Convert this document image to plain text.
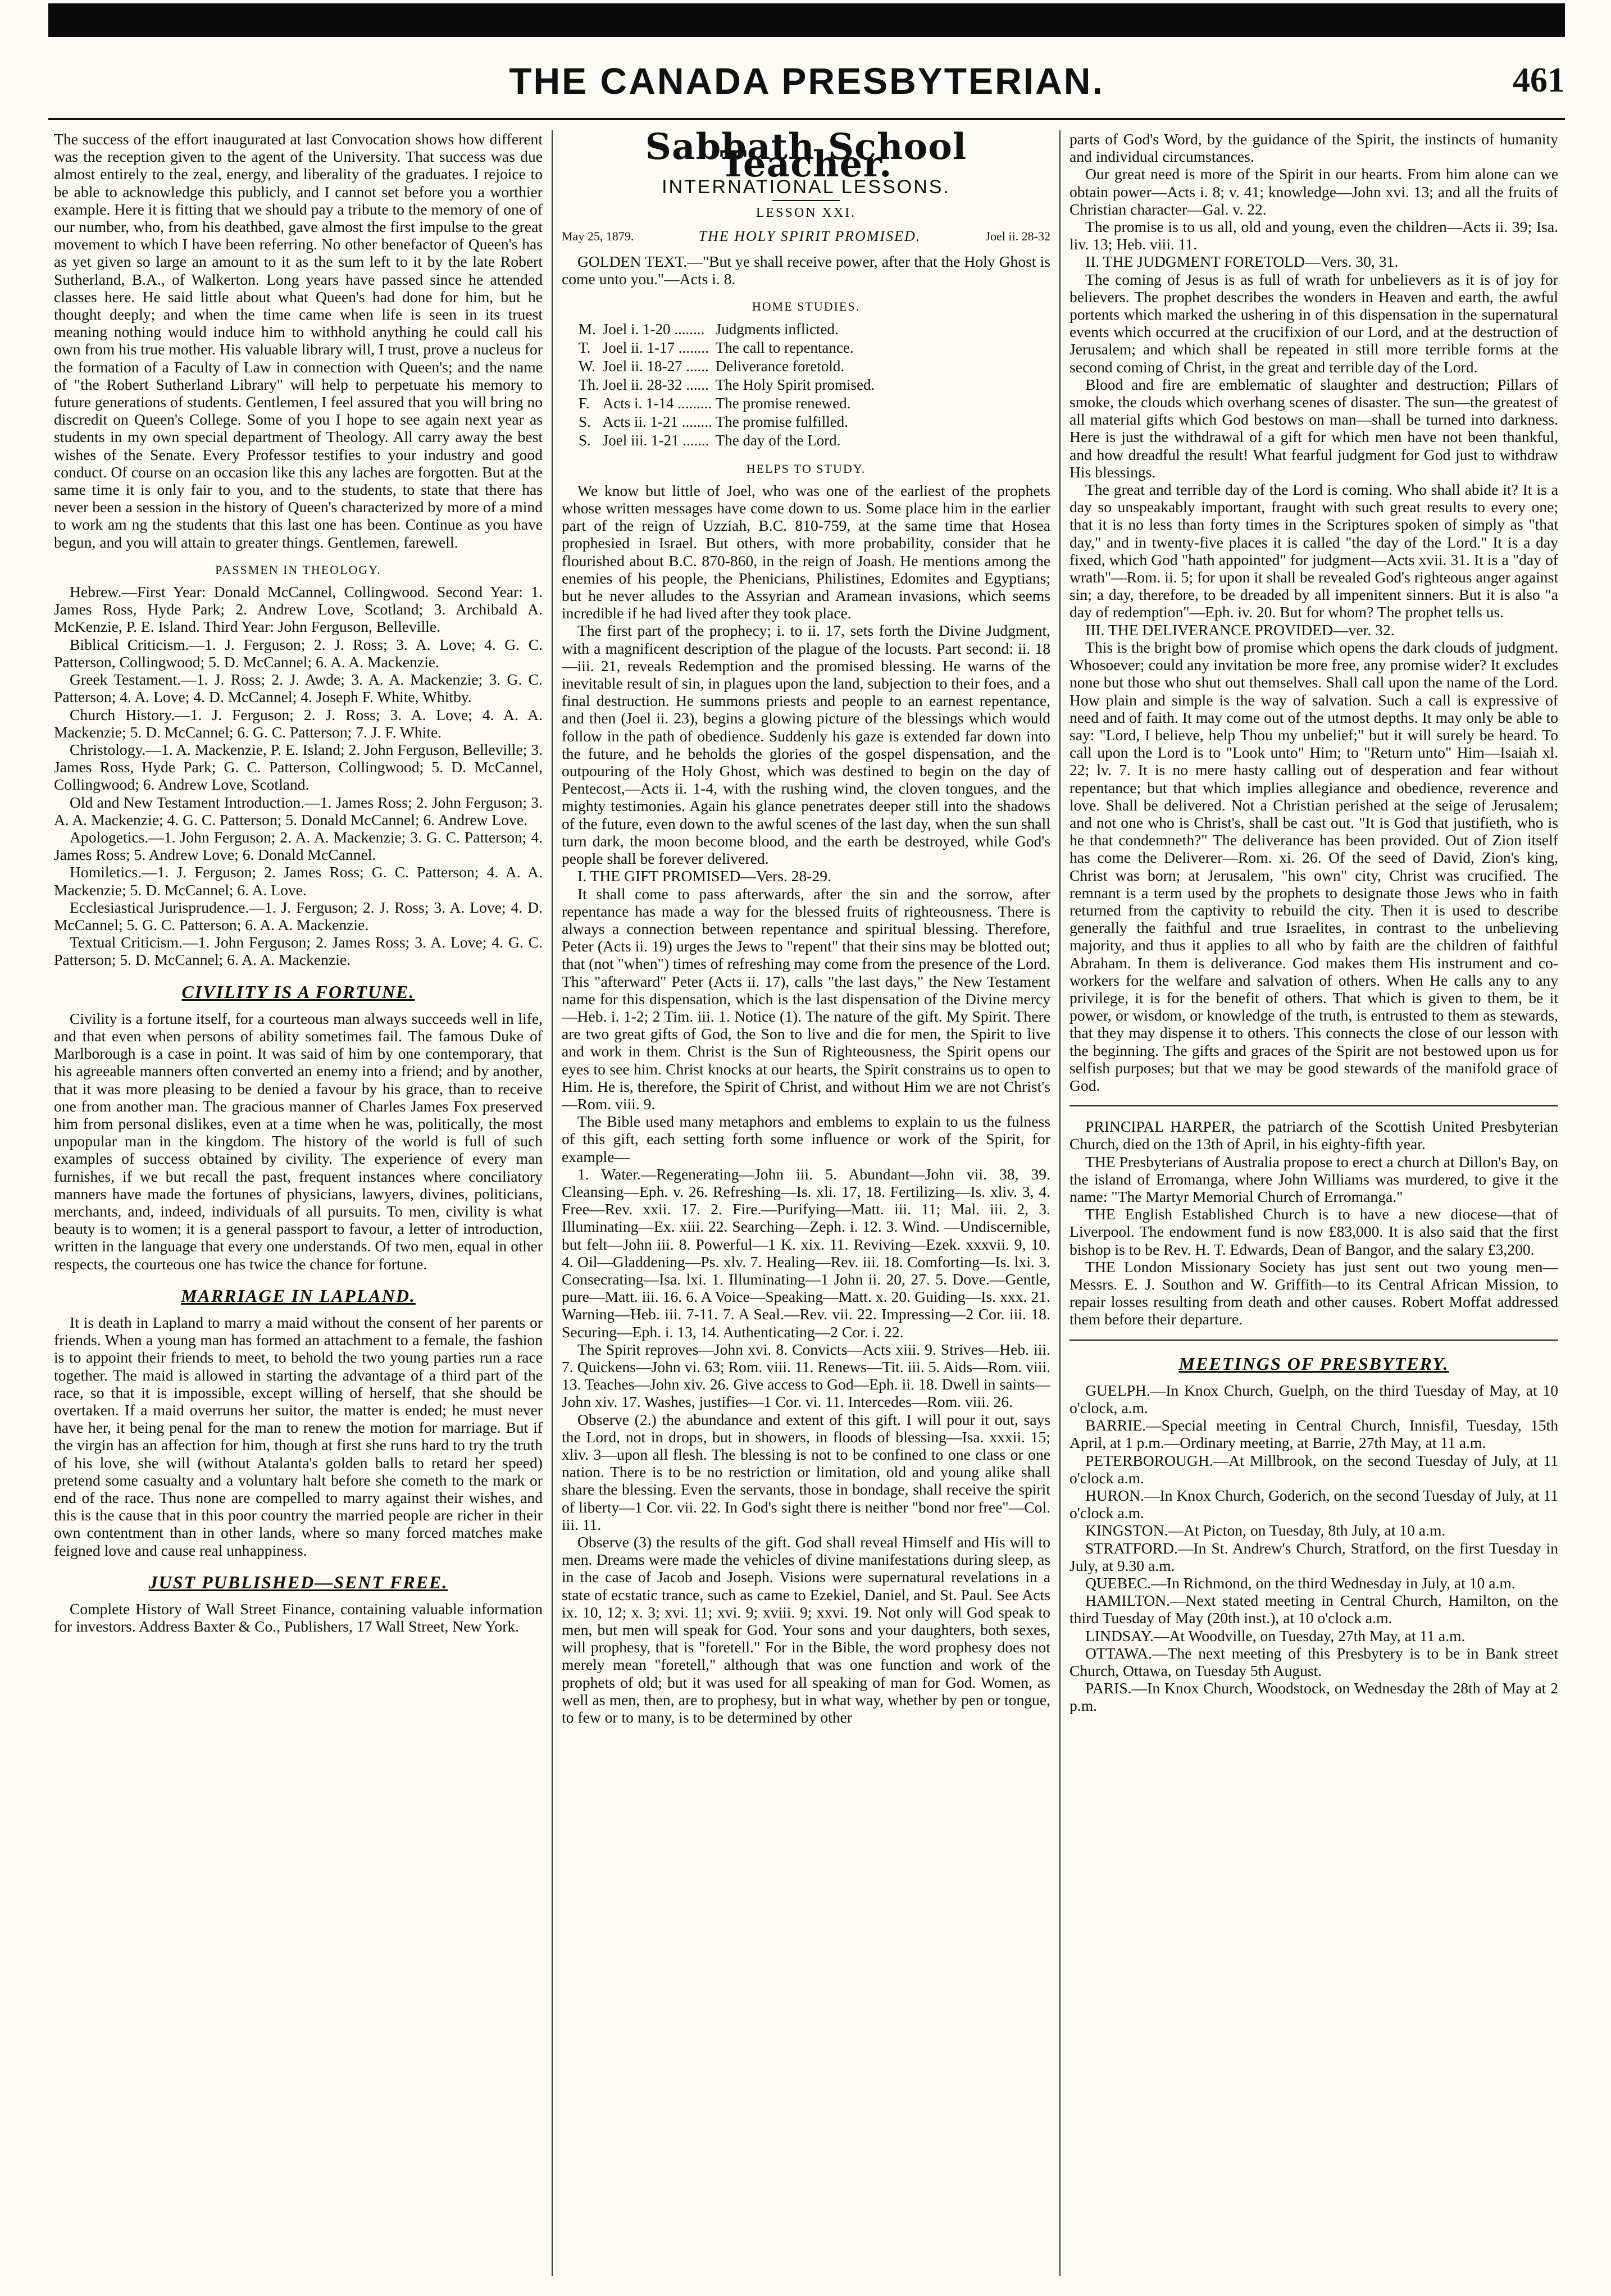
THE CANADA PRESBYTERIAN.	461

The success of the effort inaugurated at last Convocation shows how different was the reception given to the agent of the University. That success was due almost entirely to the zeal, energy, and liberality of the graduates. I rejoice to be able to acknowledge this publicly, and I cannot set before you a worthier example. Here it is fitting that we should pay a tribute to the memory of one of our number, who, from his deathbed, gave almost the first impulse to the great movement to which I have been referring. No other benefactor of Queen's has as yet given so large an amount to it as the sum left to it by the late Robert Sutherland, B.A., of Walkerton. Long years have passed since he attended classes here. He said little about what Queen's had done for him, but he thought deeply; and when the time came when life is seen in its truest meaning nothing would induce him to withhold anything he could call his own from his true mother. His valuable library will, I trust, prove a nucleus for the formation of a Faculty of Law in connection with Queen's; and the name of "the Robert Sutherland Library" will help to perpetuate his memory to future generations of students. Gentlemen, I feel assured that you will bring no discredit on Queen's College. Some of you I hope to see again next year as students in my own special department of Theology. All carry away the best wishes of the Senate. Every Professor testifies to your industry and good conduct. Of course on an occasion like this any laches are forgotten. But at the same time it is only fair to you, and to the students, to state that there has never been a session in the history of Queen's characterized by more of a mind to work am ng the students that this last one has been. Continue as you have begun, and you will attain to greater things. Gentlemen, farewell.

PASSMEN IN THEOLOGY.

Hebrew.—First Year: Donald McCannel, Collingwood. Second Year: 1. James Ross, Hyde Park; 2. Andrew Love, Scotland; 3. Archibald A. McKenzie, P. E. Island. Third Year: John Ferguson, Belleville.

Biblical Criticism.—1. J. Ferguson; 2. J. Ross; 3. A. Love; 4. G. C. Patterson, Collingwood; 5. D. McCannel; 6. A. A. Mackenzie.

Greek Testament.—1. J. Ross; 2. J. Awde; 3. A. A. Mackenzie; 3. G. C. Patterson; 4. A. Love; 4. D. McCannel; 4. Joseph F. White, Whitby.

Church History.—1. J. Ferguson; 2. J. Ross; 3. A. Love; 4. A. A. Mackenzie; 5. D. McCannel; 6. G. C. Patterson; 7. J. F. White.

Christology.—1. A. Mackenzie, P. E. Island; 2. John Ferguson, Belleville; 3. James Ross, Hyde Park; G. C. Patterson, Collingwood; 5. D. McCannel, Collingwood; 6. Andrew Love, Scotland.

Old and New Testament Introduction.—1. James Ross; 2. John Ferguson; 3. A. A. Mackenzie; 4. G. C. Patterson; 5. Donald McCannel; 6. Andrew Love.

Apologetics.—1. John Ferguson; 2. A. A. Mackenzie; 3. G. C. Patterson; 4. James Ross; 5. Andrew Love; 6. Donald McCannel.

Homiletics.—1. J. Ferguson; 2. James Ross; G. C. Patterson; 4. A. A. Mackenzie; 5. D. McCannel; 6. A. Love.

Ecclesiastical Jurisprudence.—1. J. Ferguson; 2. J. Ross; 3. A. Love; 4. D. McCannel; 5. G. C. Patterson; 6. A. A. Mackenzie.

Textual Criticism.—1. John Ferguson; 2. James Ross; 3. A. Love; 4. G. C. Patterson; 5. D. McCannel; 6. A. A. Mackenzie.

CIVILITY IS A FORTUNE.

Civility is a fortune itself, for a courteous man always succeeds well in life, and that even when persons of ability sometimes fail. The famous Duke of Marlborough is a case in point. It was said of him by one contemporary, that his agreeable manners often converted an enemy into a friend; and by another, that it was more pleasing to be denied a favour by his grace, than to receive one from another man. The gracious manner of Charles James Fox preserved him from personal dislikes, even at a time when he was, politically, the most unpopular man in the kingdom. The history of the world is full of such examples of success obtained by civility. The experience of every man furnishes, if we but recall the past, frequent instances where conciliatory manners have made the fortunes of physicians, lawyers, divines, politicians, merchants, and, indeed, individuals of all pursuits. To men, civility is what beauty is to women; it is a general passport to favour, a letter of introduction, written in the language that every one understands. Of two men, equal in other respects, the courteous one has twice the chance for fortune.

MARRIAGE IN LAPLAND.

It is death in Lapland to marry a maid without the consent of her parents or friends. When a young man has formed an attachment to a female, the fashion is to appoint their friends to meet, to behold the two young parties run a race together. The maid is allowed in starting the advantage of a third part of the race, so that it is impossible, except willing of herself, that she should be overtaken. If a maid overruns her suitor, the matter is ended; he must never have her, it being penal for the man to renew the motion for marriage. But if the virgin has an affection for him, though at first she runs hard to try the truth of his love, she will (without Atalanta's golden balls to retard her speed) pretend some casualty and a voluntary halt before she cometh to the mark or end of the race. Thus none are compelled to marry against their wishes, and this is the cause that in this poor country the married people are richer in their own contentment than in other lands, where so many forced matches make feigned love and cause real unhappiness.

JUST PUBLISHED—SENT FREE.

Complete History of Wall Street Finance, containing valuable information for investors. Address Baxter & Co., Publishers, 17 Wall Street, New York.

Sabbath School Teacher.
INTERNATIONAL LESSONS.
LESSON XXI.
May 25, 1879.	THE HOLY SPIRIT PROMISED.	Joel ii. 28-32

GOLDEN TEXT.—"But ye shall receive power, after that the Holy Ghost is come unto you."—Acts i. 8.

HOME STUDIES.
M.	Joel i. 1-20 ........	Judgments inflicted.
T.	Joel ii. 1-17 ........	The call to repentance.
W.	Joel ii. 18-27 ......	Deliverance foretold.
Th.	Joel ii. 28-32 ......	The Holy Spirit promised.
F.	Acts i. 1-14 .........	The promise renewed.
S.	Acts ii. 1-21 ........	The promise fulfilled.
S.	Joel iii. 1-21 .......	The day of the Lord.
HELPS TO STUDY.

We know but little of Joel, who was one of the earliest of the prophets whose written messages have come down to us. Some place him in the earlier part of the reign of Uzziah, B.C. 810-759, at the same time that Hosea prophesied in Israel. But others, with more probability, consider that he flourished about B.C. 870-860, in the reign of Joash. He mentions among the enemies of his people, the Phenicians, Philistines, Edomites and Egyptians; but he never alludes to the Assyrian and Aramean invasions, which seems incredible if he had lived after they took place.

The first part of the prophecy; i. to ii. 17, sets forth the Divine Judgment, with a magnificent description of the plague of the locusts. Part second: ii. 18—iii. 21, reveals Redemption and the promised blessing. He warns of the inevitable result of sin, in plagues upon the land, subjection to their foes, and a final destruction. He summons priests and people to an earnest repentance, and then (Joel ii. 23), begins a glowing picture of the blessings which would follow in the path of obedience. Suddenly his gaze is extended far down into the future, and he beholds the glories of the gospel dispensation, and the outpouring of the Holy Ghost, which was destined to begin on the day of Pentecost,—Acts ii. 1-4, with the rushing wind, the cloven tongues, and the mighty testimonies. Again his glance penetrates deeper still into the shadows of the future, even down to the awful scenes of the last day, when the sun shall turn dark, the moon become blood, and the earth be destroyed, while God's people shall be forever delivered.

I. THE GIFT PROMISED—Vers. 28-29.

It shall come to pass afterwards, after the sin and the sorrow, after repentance has made a way for the blessed fruits of righteousness. There is always a connection between repentance and spiritual blessing. Therefore, Peter (Acts ii. 19) urges the Jews to "repent" that their sins may be blotted out; that (not "when") times of refreshing may come from the presence of the Lord. This "afterward" Peter (Acts ii. 17), calls "the last days," the New Testament name for this dispensation, which is the last dispensation of the Divine mercy—Heb. i. 1-2; 2 Tim. iii. 1. Notice (1). The nature of the gift. My Spirit. There are two great gifts of God, the Son to live and die for men, the Spirit to live and work in them. Christ is the Sun of Righteousness, the Spirit opens our eyes to see him. Christ knocks at our hearts, the Spirit constrains us to open to Him. He is, therefore, the Spirit of Christ, and without Him we are not Christ's—Rom. viii. 9.

The Bible used many metaphors and emblems to explain to us the fulness of this gift, each setting forth some influence or work of the Spirit, for example—

1. Water.—Regenerating—John iii. 5. Abundant—John vii. 38, 39. Cleansing—Eph. v. 26. Refreshing—Is. xli. 17, 18. Fertilizing—Is. xliv. 3, 4. Free—Rev. xxii. 17. 2. Fire.—Purifying—Matt. iii. 11; Mal. iii. 2, 3. Illuminating—Ex. xiii. 22. Searching—Zeph. i. 12. 3. Wind. —Undiscernible, but felt—John iii. 8. Powerful—1 K. xix. 11. Reviving—Ezek. xxxvii. 9, 10. 4. Oil—Gladdening—Ps. xlv. 7. Healing—Rev. iii. 18. Comforting—Is. lxi. 3. Consecrating—Isa. lxi. 1. Illuminating—1 John ii. 20, 27. 5. Dove.—Gentle, pure—Matt. iii. 16. 6. A Voice—Speaking—Matt. x. 20. Guiding—Is. xxx. 21. Warning—Heb. iii. 7-11. 7. A Seal.—Rev. vii. 22. Impressing—2 Cor. iii. 18. Securing—Eph. i. 13, 14. Authenticating—2 Cor. i. 22.

The Spirit reproves—John xvi. 8. Convicts—Acts xiii. 9. Strives—Heb. iii. 7. Quickens—John vi. 63; Rom. viii. 11. Renews—Tit. iii. 5. Aids—Rom. viii. 13. Teaches—John xiv. 26. Give access to God—Eph. ii. 18. Dwell in saints—John xiv. 17. Washes, justifies—1 Cor. vi. 11. Intercedes—Rom. viii. 26.

Observe (2.) the abundance and extent of this gift. I will pour it out, says the Lord, not in drops, but in showers, in floods of blessing—Isa. xxxii. 15; xliv. 3—upon all flesh. The blessing is not to be confined to one class or one nation. There is to be no restriction or limitation, old and young alike shall share the blessing. Even the servants, those in bondage, shall receive the spirit of liberty—1 Cor. vii. 22. In God's sight there is neither "bond nor free"—Col. iii. 11.

Observe (3) the results of the gift. God shall reveal Himself and His will to men. Dreams were made the vehicles of divine manifestations during sleep, as in the case of Jacob and Joseph. Visions were supernatural revelations in a state of ecstatic trance, such as came to Ezekiel, Daniel, and St. Paul. See Acts ix. 10, 12; x. 3; xvi. 11; xvi. 9; xviii. 9; xxvi. 19. Not only will God speak to men, but men will speak for God. Your sons and your daughters, both sexes, will prophesy, that is "foretell." For in the Bible, the word prophesy does not merely mean "foretell," although that was one function and work of the prophets of old; but it was used for all speaking of man for God. Women, as well as men, then, are to prophesy, but in what way, whether by pen or tongue, to few or to many, is to be determined by other

parts of God's Word, by the guidance of the Spirit, the instincts of humanity and individual circumstances.

Our great need is more of the Spirit in our hearts. From him alone can we obtain power—Acts i. 8; v. 41; knowledge—John xvi. 13; and all the fruits of Christian character—Gal. v. 22.

The promise is to us all, old and young, even the children—Acts ii. 39; Isa. liv. 13; Heb. viii. 11.

II. THE JUDGMENT FORETOLD—Vers. 30, 31.

The coming of Jesus is as full of wrath for unbelievers as it is of joy for believers. The prophet describes the wonders in Heaven and earth, the awful portents which marked the ushering in of this dispensation in the supernatural events which occurred at the crucifixion of our Lord, and at the destruction of Jerusalem; and which shall be repeated in still more terrible forms at the second coming of Christ, in the great and terrible day of the Lord.

Blood and fire are emblematic of slaughter and destruction; Pillars of smoke, the clouds which overhang scenes of disaster. The sun—the greatest of all material gifts which God bestows on man—shall be turned into darkness. Here is just the withdrawal of a gift for which men have not been thankful, and how dreadful the result! What fearful judgment for God just to withdraw His blessings.

The great and terrible day of the Lord is coming. Who shall abide it? It is a day so unspeakably important, fraught with such great results to every one; that it is no less than forty times in the Scriptures spoken of simply as "that day," and in twenty-five places it is called "the day of the Lord." It is a day fixed, which God "hath appointed" for judgment—Acts xvii. 31. It is a "day of wrath"—Rom. ii. 5; for upon it shall be revealed God's righteous anger against sin; a day, therefore, to be dreaded by all impenitent sinners. But it is also "a day of redemption"—Eph. iv. 20. But for whom? The prophet tells us.

III. THE DELIVERANCE PROVIDED—ver. 32.

This is the bright bow of promise which opens the dark clouds of judgment. Whosoever; could any invitation be more free, any promise wider? It excludes none but those who shut out themselves. Shall call upon the name of the Lord. How plain and simple is the way of salvation. Such a call is expressive of need and of faith. It may come out of the utmost depths. It may only be able to say: "Lord, I believe, help Thou my unbelief;" but it will surely be heard. To call upon the Lord is to "Look unto" Him; to "Return unto" Him—Isaiah xl. 22; lv. 7. It is no mere hasty calling out of desperation and fear without repentance; but that which implies allegiance and obedience, reverence and love. Shall be delivered. Not a Christian perished at the seige of Jerusalem; and not one who is Christ's, shall be cast out. "It is God that justifieth, who is he that condemneth?" The deliverance has been provided. Out of Zion itself has come the Deliverer—Rom. xi. 26. Of the seed of David, Zion's king, Christ was born; at Jerusalem, "his own" city, Christ was crucified. The remnant is a term used by the prophets to designate those Jews who in faith returned from the captivity to rebuild the city. Then it is used to describe generally the faithful and true Israelites, in contrast to the unbelieving majority, and thus it applies to all who by faith are the children of faithful Abraham. In them is deliverance. God makes them His instrument and co-workers for the welfare and salvation of others. When He calls any to any privilege, it is for the benefit of others. That which is given to them, be it power, or wisdom, or knowledge of the truth, is entrusted to them as stewards, that they may dispense it to others. This connects the close of our lesson with the beginning. The gifts and graces of the Spirit are not bestowed upon us for selfish purposes; but that we may be good stewards of the manifold grace of God.

PRINCIPAL HARPER, the patriarch of the Scottish United Presbyterian Church, died on the 13th of April, in his eighty-fifth year.

THE Presbyterians of Australia propose to erect a church at Dillon's Bay, on the island of Erromanga, where John Williams was murdered, to give it the name: "The Martyr Memorial Church of Erromanga."

THE English Established Church is to have a new diocese—that of Liverpool. The endowment fund is now £83,000. It is also said that the first bishop is to be Rev. H. T. Edwards, Dean of Bangor, and the salary £3,200.

THE London Missionary Society has just sent out two young men—Messrs. E. J. Southon and W. Griffith—to its Central African Mission, to repair losses resulting from death and other causes. Robert Moffat addressed them before their departure.

MEETINGS OF PRESBYTERY.

GUELPH.—In Knox Church, Guelph, on the third Tuesday of May, at 10 o'clock, a.m.

BARRIE.—Special meeting in Central Church, Innisfil, Tuesday, 15th April, at 1 p.m.—Ordinary meeting, at Barrie, 27th May, at 11 a.m.

PETERBOROUGH.—At Millbrook, on the second Tuesday of July, at 11 o'clock a.m.

HURON.—In Knox Church, Goderich, on the second Tuesday of July, at 11 o'clock a.m.

KINGSTON.—At Picton, on Tuesday, 8th July, at 10 a.m.

STRATFORD.—In St. Andrew's Church, Stratford, on the first Tuesday in July, at 9.30 a.m.

QUEBEC.—In Richmond, on the third Wednesday in July, at 10 a.m.

HAMILTON.—Next stated meeting in Central Church, Hamilton, on the third Tuesday of May (20th inst.), at 10 o'clock a.m.

LINDSAY.—At Woodville, on Tuesday, 27th May, at 11 a.m.

OTTAWA.—The next meeting of this Presbytery is to be in Bank street Church, Ottawa, on Tuesday 5th August.

PARIS.—In Knox Church, Woodstock, on Wednesday the 28th of May at 2 p.m.
